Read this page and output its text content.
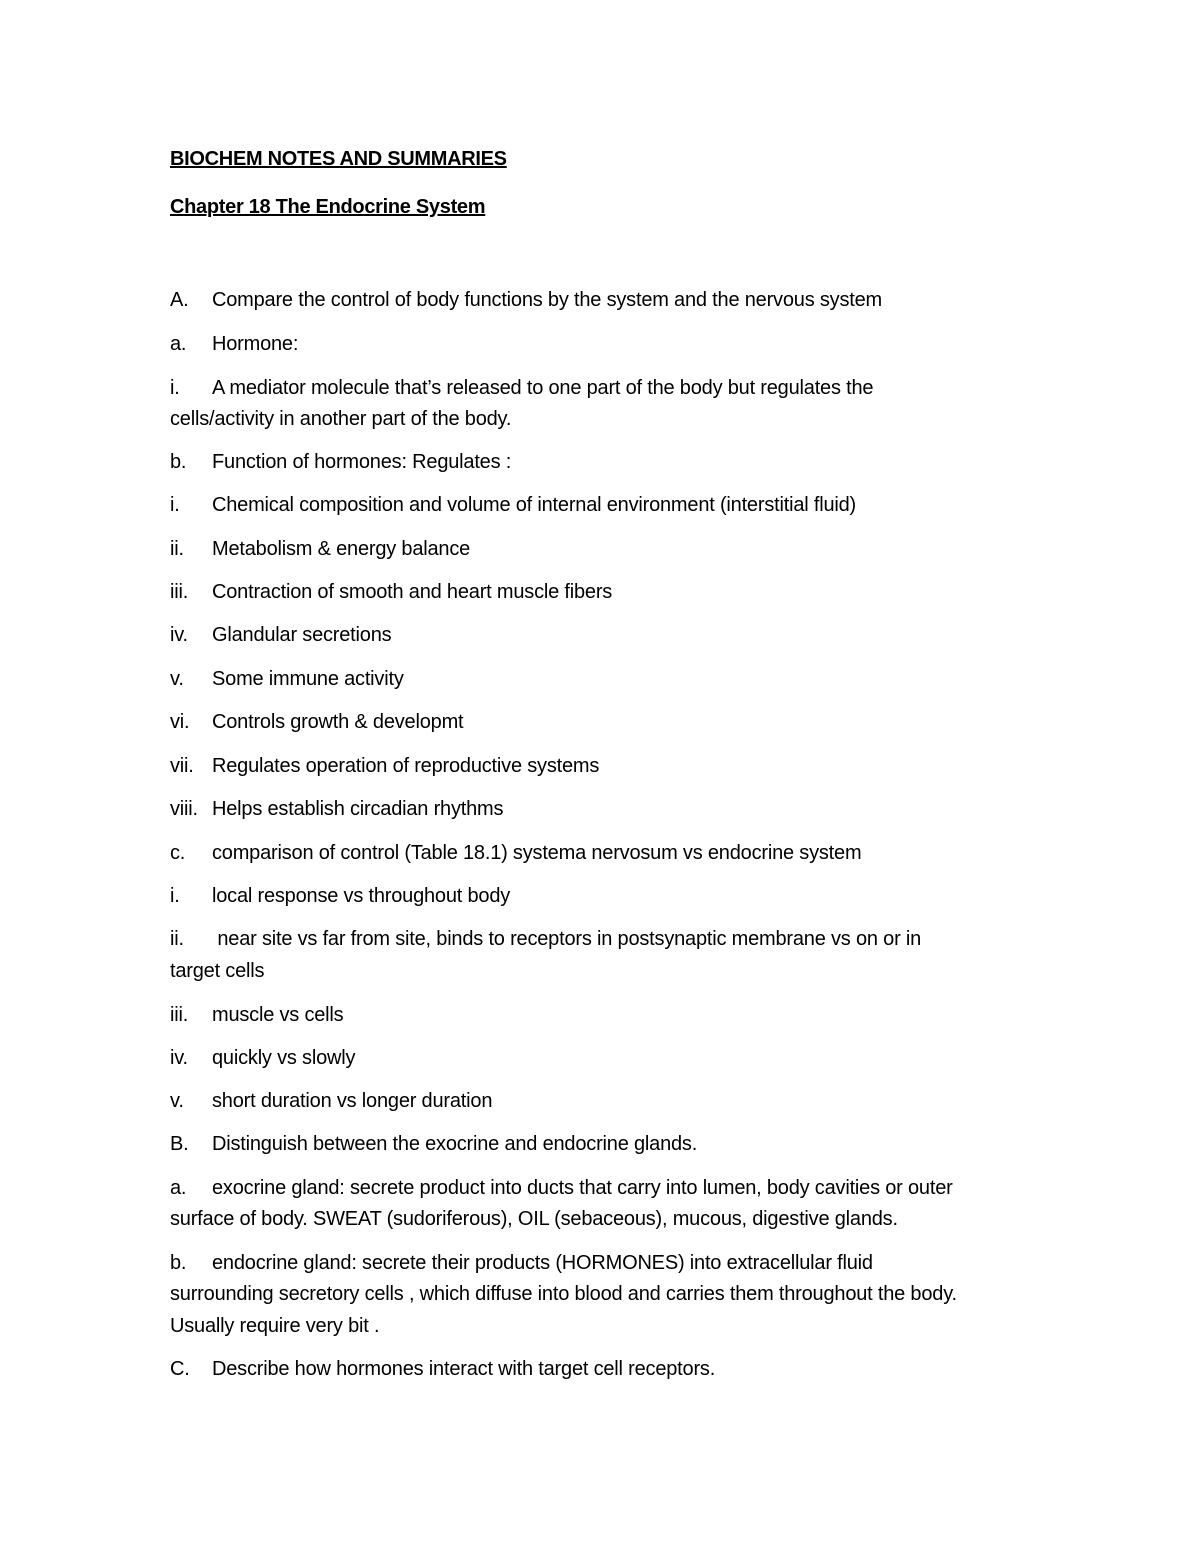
BIOCHEM NOTES AND SUMMARIES
Chapter 18 The Endocrine System
A. Compare the control of body functions by the system and the nervous system
a. Hormone:
i. A mediator molecule that’s released to one part of the body but regulates the
cells/activity in another part of the body.
b. Function of hormones: Regulates :
i. Chemical composition and volume of internal environment (interstitial fluid)
ii. Metabolism & energy balance
iii. Contraction of smooth and heart muscle fibers
iv. Glandular secretions
v. Some immune activity
vi. Controls growth & developmt
vii. Regulates operation of reproductive systems
viii. Helps establish circadian rhythms
c. comparison of control (Table 18.1) systema nervosum vs endocrine system
i. local response vs throughout body
ii. near site vs far from site, binds to receptors in postsynaptic membrane vs on or in
target cells
iii. muscle vs cells
iv. quickly vs slowly
v. short duration vs longer duration
B. Distinguish between the exocrine and endocrine glands.
a. exocrine gland: secrete product into ducts that carry into lumen, body cavities or outer
surface of body. SWEAT (sudoriferous), OIL (sebaceous), mucous, digestive glands.
b. endocrine gland: secrete their products (HORMONES) into extracellular fluid
surrounding secretory cells , which diffuse into blood and carries them throughout the body.
Usually require very bit .
C. Describe how hormones interact with target cell receptors.
